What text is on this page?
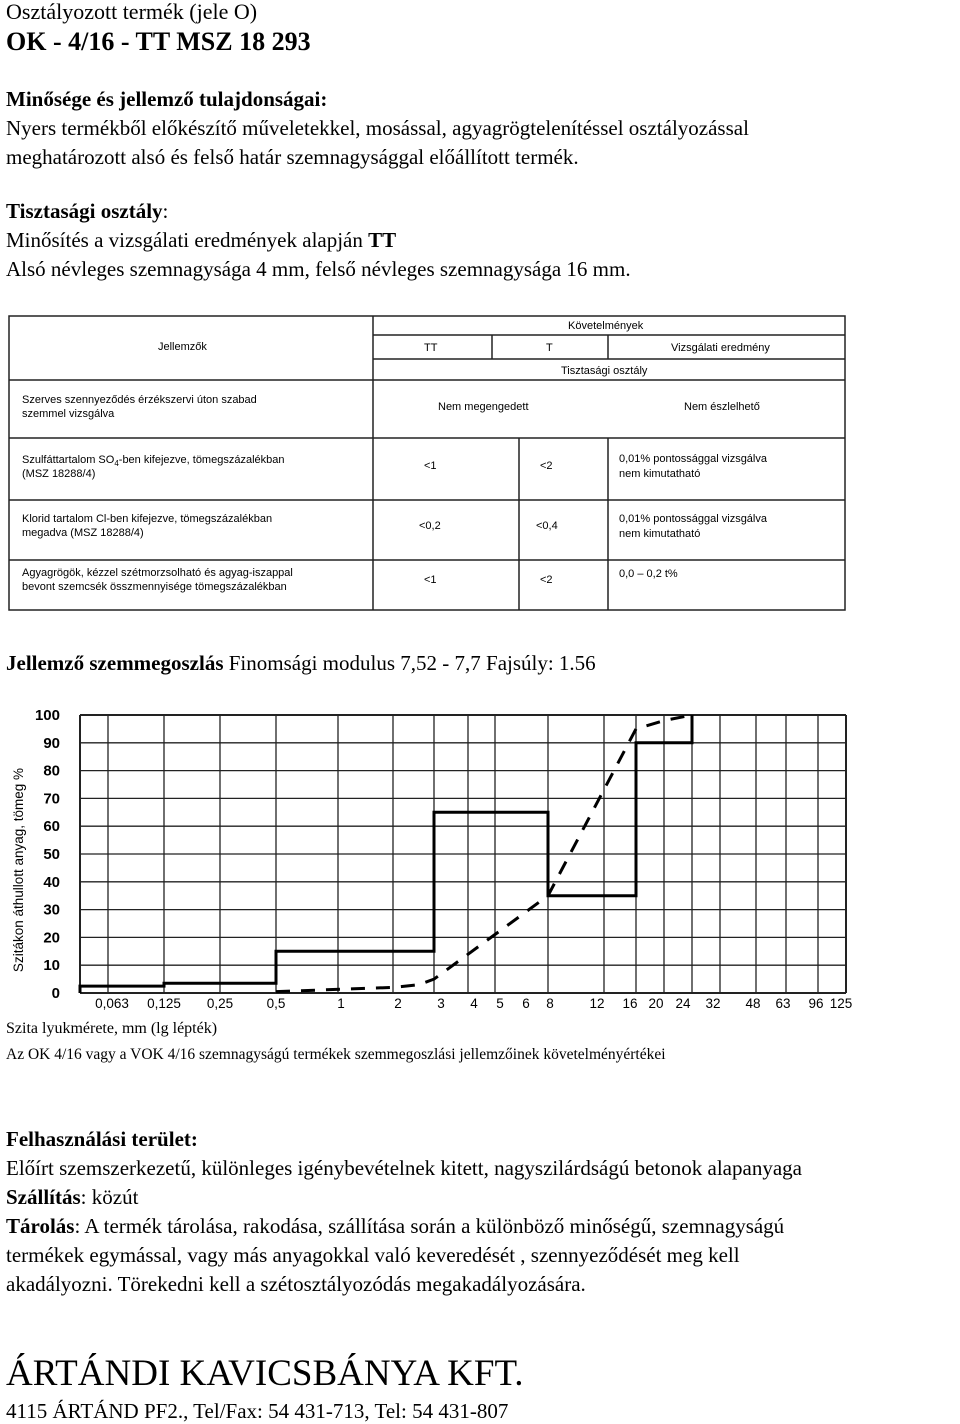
Osztályozott termék (jele O)
OK - 4/16 - TT MSZ 18 293
Minősége és jellemző tulajdonságai:
Nyers termékből előkészítő műveletekkel, mosással, agyagrögtelenítéssel osztályozással
meghatározott alsó és felső határ szemnagysággal előállított termék.
Tisztasági osztály:
Minősítés a vizsgálati eredmények alapján TT
Alsó névleges szemnagysága 4 mm, felső névleges szemnagysága 16 mm.
Jellemzők
Követelmények
TT	T	Vizsgálati eredmény
Tisztasági osztály
Szerves szennyeződés érzékszervi úton szabad
szemmel vizsgálva
Nem megengedett	Nem észlelhető
Szulfáttartalom $SO_4$-ben kifejezve, tömegszázalékban
(MSZ 18288/4)
<1	<2
0,01% pontossággal vizsgálva
nem kimutatható
Klorid tartalom Cl-ben kifejezve, tömegszázalékban
megadva (MSZ 18288/4)
<0,2	<0,4
0,01% pontossággal vizsgálva
nem kimutatható
Agyagrögök, kézzel szétmorzsolható és agyag-iszappal
bevont szemcsék összmennyisége tömegszázalékban
<1	<2	0,0 – 0,2 t%
Jellemző szemmegoszlás Finomsági modulus 7,52 - 7,7 Fajsúly: 1.56
0
10
20
30
40
50
60
70
80
90
100
0,063 0,125 0,25 0,5	1	2	3 4 5 6 8	12 16 20 24 32 48 63 96 125
Szitákon áthullott anyag, tömeg %
Szita lyukmérete, mm (lg lépték)
Az OK 4/16 vagy a VOK 4/16 szemnagyságú termékek szemmegoszlási jellemzőinek követelményértékei
Felhasználási terület:
Előírt szemszerkezetű, különleges igénybevételnek kitett, nagyszilárdságú betonok alapanyaga
Szállítás: közút
Tárolás: A termék tárolása, rakodása, szállítása során a különböző minőségű, szemnagyságú
termékek egymással, vagy más anyagokkal való keveredését , szennyeződését meg kell
akadályozni. Törekedni kell a szétosztályozódás megakadályozására.
ÁRTÁNDI KAVICSBÁNYA KFT.
4115 ÁRTÁND PF2., Tel/Fax: 54 431-713, Tel: 54 431-807
